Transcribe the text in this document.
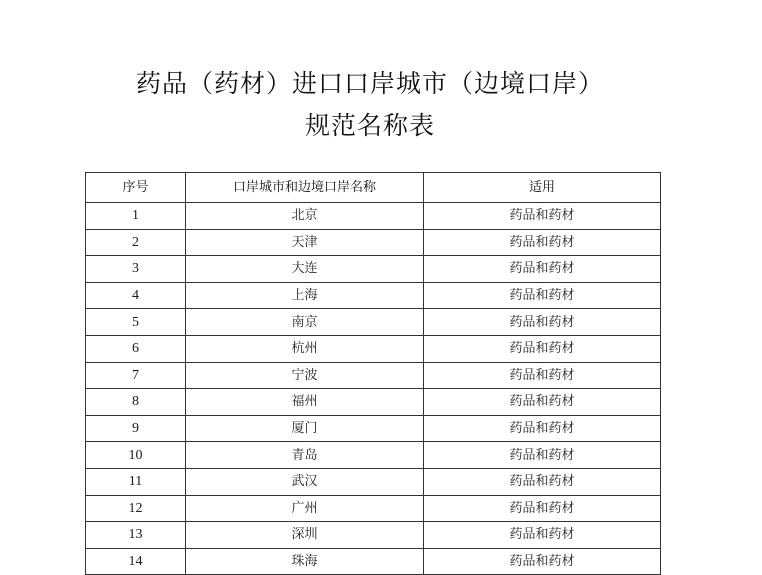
药品（药材）进口口岸城市（边境口岸）
规范名称表
序号	口岸城市和边境口岸名称	适用
1	北京	药品和药材
2	天津	药品和药材
3	大连	药品和药材
4	上海	药品和药材
5	南京	药品和药材
6	杭州	药品和药材
7	宁波	药品和药材
8	福州	药品和药材
9	厦门	药品和药材
10	青岛	药品和药材
11	武汉	药品和药材
12	广州	药品和药材
13	深圳	药品和药材
14	珠海	药品和药材
